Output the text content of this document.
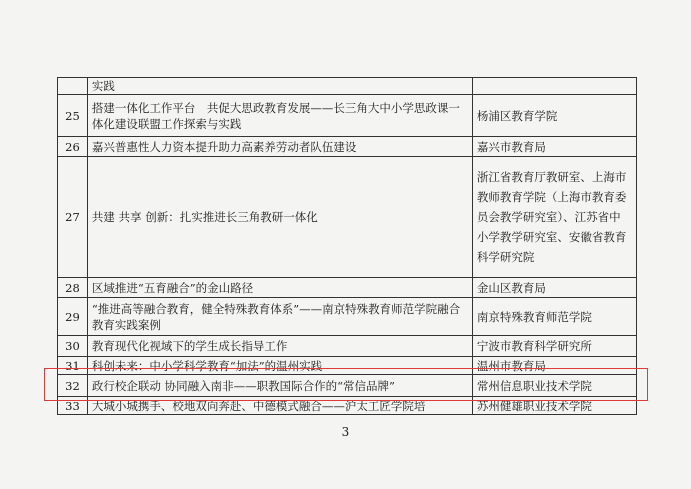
	实践	
25	搭建一体化工作平台　共促大思政教育发展——长三角大中小学思政课一体化建设联盟工作探索与实践	杨浦区教育学院
26	嘉兴普惠性人力资本提升助力高素养劳动者队伍建设	嘉兴市教育局
27	共建 共享 创新：扎实推进长三角教研一体化	浙江省教育厅教研室、上海市教师教育学院（上海市教育委员会教学研究室）、江苏省中小学教学研究室、安徽省教育科学研究院
28	区域推进“五育融合”的金山路径	金山区教育局
29	“推进高等融合教育，健全特殊教育体系”——南京特殊教育师范学院融合教育实践案例	南京特殊教育师范学院
30	教育现代化视域下的学生成长指导工作	宁波市教育科学研究所
31	科创未来：中小学科学教育“加法”的温州实践	温州市教育局
32	政行校企联动 协同融入南非——职教国际合作的“常信品牌”	常州信息职业技术学院
33	大城小城携手、校地双向奔赴、中德模式融合——沪太工匠学院培	苏州健雄职业技术学院
3
